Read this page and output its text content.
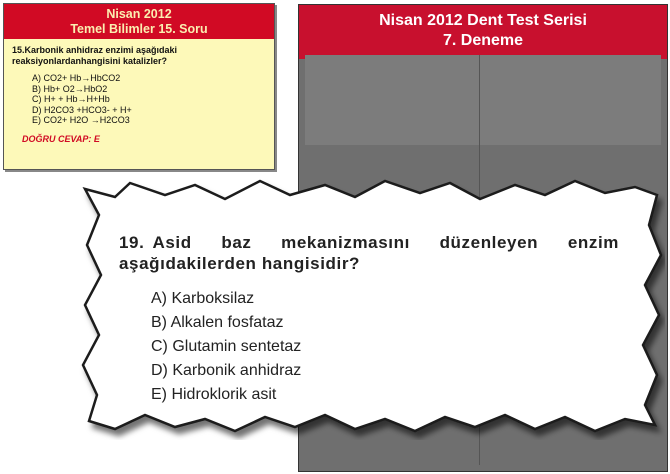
Nisan 2012
Temel Bilimler 15. Soru
15.Karbonik anhidraz enzimi aşağıdaki reaksiyonlardanhangisini katalizler?
A) CO2+ Hb→HbCO2
B) Hb+ O2→HbO2
C) H+ + Hb→H+Hb
D) H2CO3 +HCO3- + H+
E) CO2+ H2O →H2CO3
DOĞRU CEVAP: E
Nisan 2012 Dent Test Serisi
7. Deneme
19. Asid baz mekanizmasını düzenleyen enzim aşağıdakilerden hangisidir?
A) Karboksilaz
B) Alkalen fosfataz
C) Glutamin sentetaz
D) Karbonik anhidraz
E) Hidroklorik asit
